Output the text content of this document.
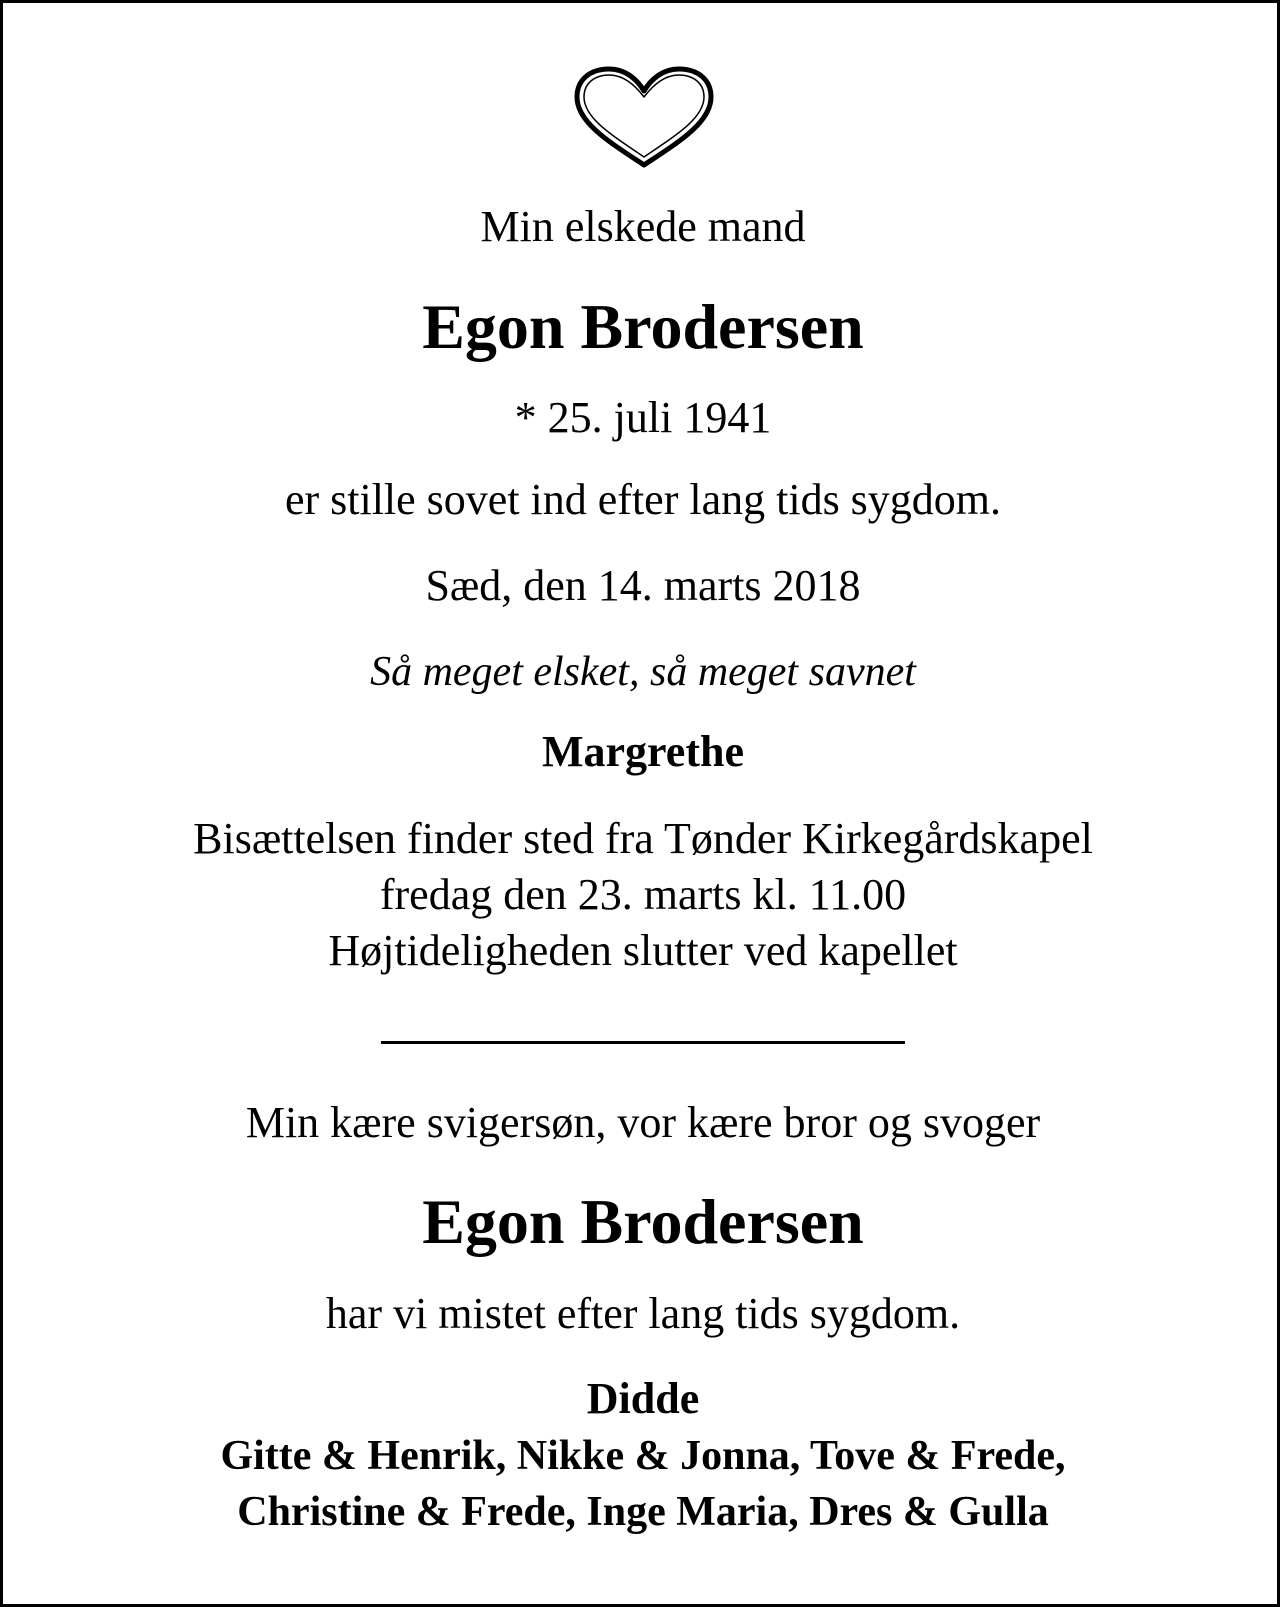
Min elskede mand

Egon Brodersen

* 25. juli 1941

er stille sovet ind efter lang tids sygdom.

Sæd, den 14. marts 2018

Så meget elsket, så meget savnet

Margrethe

Bisættelsen finder sted fra Tønder Kirkegårdskapel

fredag den 23. marts kl. 11.00

Højtideligheden slutter ved kapellet

Min kære svigersøn, vor kære bror og svoger

Egon Brodersen

har vi mistet efter lang tids sygdom.

Didde

Gitte & Henrik, Nikke & Jonna, Tove & Frede,

Christine & Frede, Inge Maria, Dres & Gulla
